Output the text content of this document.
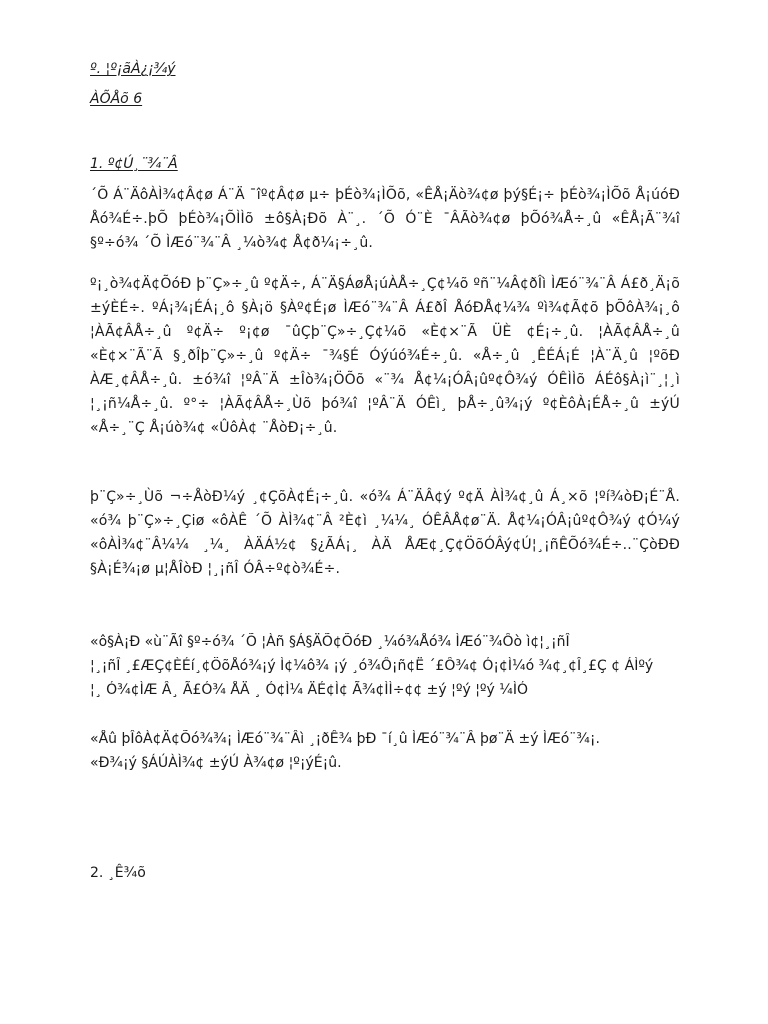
º. ¦º¡ãÀ¿¡¾ý

ÀÕÅõ 6

1. º¢Ú¸¨¾¨Â

´Õ Á¨ÄôÀÌ¾¢Â¢ø Á¨Ä ¯îº¢Â¢ø µ÷ þÉò¾¡ÌÕõ, «ÊÅ¡Äò¾¢ø þý§É¡÷ þÉò¾¡ÌÕõ Å¡úóÐ Åó¾É÷.þÕ þÉò¾¡ÕÌÌõ ±ô§À¡Ðõ À¨¸. ´Õ Ó¨È ¯ÂÃò¾¢ø þÕó¾Å÷¸û «ÊÅ¡Ã¨¾î §º÷ó¾ ´Õ ÌÆó¨¾¨Â ¸¼ò¾¢ Å¢ð¼¡÷¸û.

º¡¸ò¾¢Ä¢ÕóÐ þ¨Ç»÷¸û º¢Ä÷, Á¨Ä§ÁøÅ¡úÀÅ÷¸Ç¢¼õ ºñ¨¼Â¢ðÎì ÌÆó¨¾¨Â Á£ð¸Ä¡õ ±ýÈÉ÷. ºÁ¡¾¡ÉÁ¡¸ô §À¡ö §Àº¢É¡ø ÌÆó¨¾¨Â Á£ðÎ ÅóÐÅ¢¼¾ ºì¾¢Ã¢õ þÕôÀ¾¡¸ô ¦ÀÃ¢ÂÅ÷¸û º¢Ä÷ º¡¢ø ¯ûÇþ¨Ç»÷¸Ç¢¼õ «È¢×¨Ã ÜÈ ¢É¡÷¸û. ¦ÀÃ¢ÂÅ÷¸û «È¢×¨Ã¨Ã §¸ðÎþ¨Ç»÷¸û º¢Ä÷ ¯¾§É Óýúó¾É÷¸û. «Å÷¸û ¸ÊÉÁ¡É ¦À¨Ä¸û ¦ºõÐ ÀÆ¸¢ÂÅ÷¸û. ±ó¾î ¦ºÂ¨Ä ±Îò¾¡ÖÕõ «¨¾ Å¢¼¡ÓÂ¡ûº¢Ô¾ý ÓÊÌÌõ ÁÉô§À¡ì¨¸¦¸ì ¦¸¡ñ¼Å÷¸û. º°÷ ¦ÀÃ¢ÂÅ÷¸Ùõ þó¾î ¦ºÂ¨Ä ÓÊì¸ þÅ÷¸û¾¡ý º¢ÈôÀ¡ÉÅ÷¸û ±ýÚ «Å÷¸¨Ç Å¡úò¾¢ «ÛôÀ¢ ¨ÅòÐ¡÷¸û.

þ¨Ç»÷¸Ùõ ¬÷ÅòÐ¼ý ¸¢ÇõÀ¢É¡÷¸û. «ó¾ Á¨ÄÂ¢ý º¢Ä ÀÌ¾¢¸û Á¸×õ ¦ºí¾òÐ¡É¨Å. «ó¾ þ¨Ç»÷¸Çiø «ôÀÊ ´Õ ÀÌ¾¢¨Â ²È¢ì ¸¼¼¸ ÓÊÂÅ¢ø¨Ä. Å¢¼¡ÓÂ¡ûº¢Ô¾ý ¢Ó¼ý «ôÀÌ¾¢¨Â¼¼ ¸¼¸ ÀÄÁ½¢ §¿ÃÁ¡¸ ÀÄ ÅÆ¢¸Ç¢ÖõÓÂý¢Ú¦¸¡ñÊÕó¾É÷..¨ÇòÐÐ §À¡É¾¡ø µ¦ÅÎòÐ ¦¸¡ñÎ ÓÂ÷º¢ò¾É÷.

«ô§À¡Ð «ù¨Ãî §º÷ó¾ ´Õ ¦Àñ §Á§ÄÕ¢ÕóÐ ¸¼ó¾Åó¾ ÌÆó¨¾Ôò ì¢¦¸¡ñÎ

¦¸¡ñÎ ¸£ÆÇ¢ÈÉí¸¢ÖõÅó¾¡ý Ì¢¼ô¾ ¡ý ¸ó¾Ô¡ñ¢Ë ´£Ô¾¢ Ó¡¢Ì¼ó ¾¢¸¢Î¸£Ç ¢ ÁÌºý

¦¸ Ó¾¢ÌÆ Â¸ Ã£Ó¾ ÅÄ ¸ Ó¢Ì¼ ÄÉ¢Ì¢ Ã¾¢ÌÌ÷¢¢ ±ý ¦ºý ¦ºý ¼ÌÓ

«Åû þÎôÀ¢Ä¢Õó¾¾¡ ÌÆó¨¾¨Âì ¸¡ðÊ¾ þÐ ¯í¸û ÌÆó¨¾¨Â þø¨Ä ±ý ÌÆó¨¾¡.

«Ð¾¡ý §ÁÚÀÌ¾¢ ±ýÚ À¾¢ø ¦º¡ýÉ¡û.

2. ¸Ê¾õ
